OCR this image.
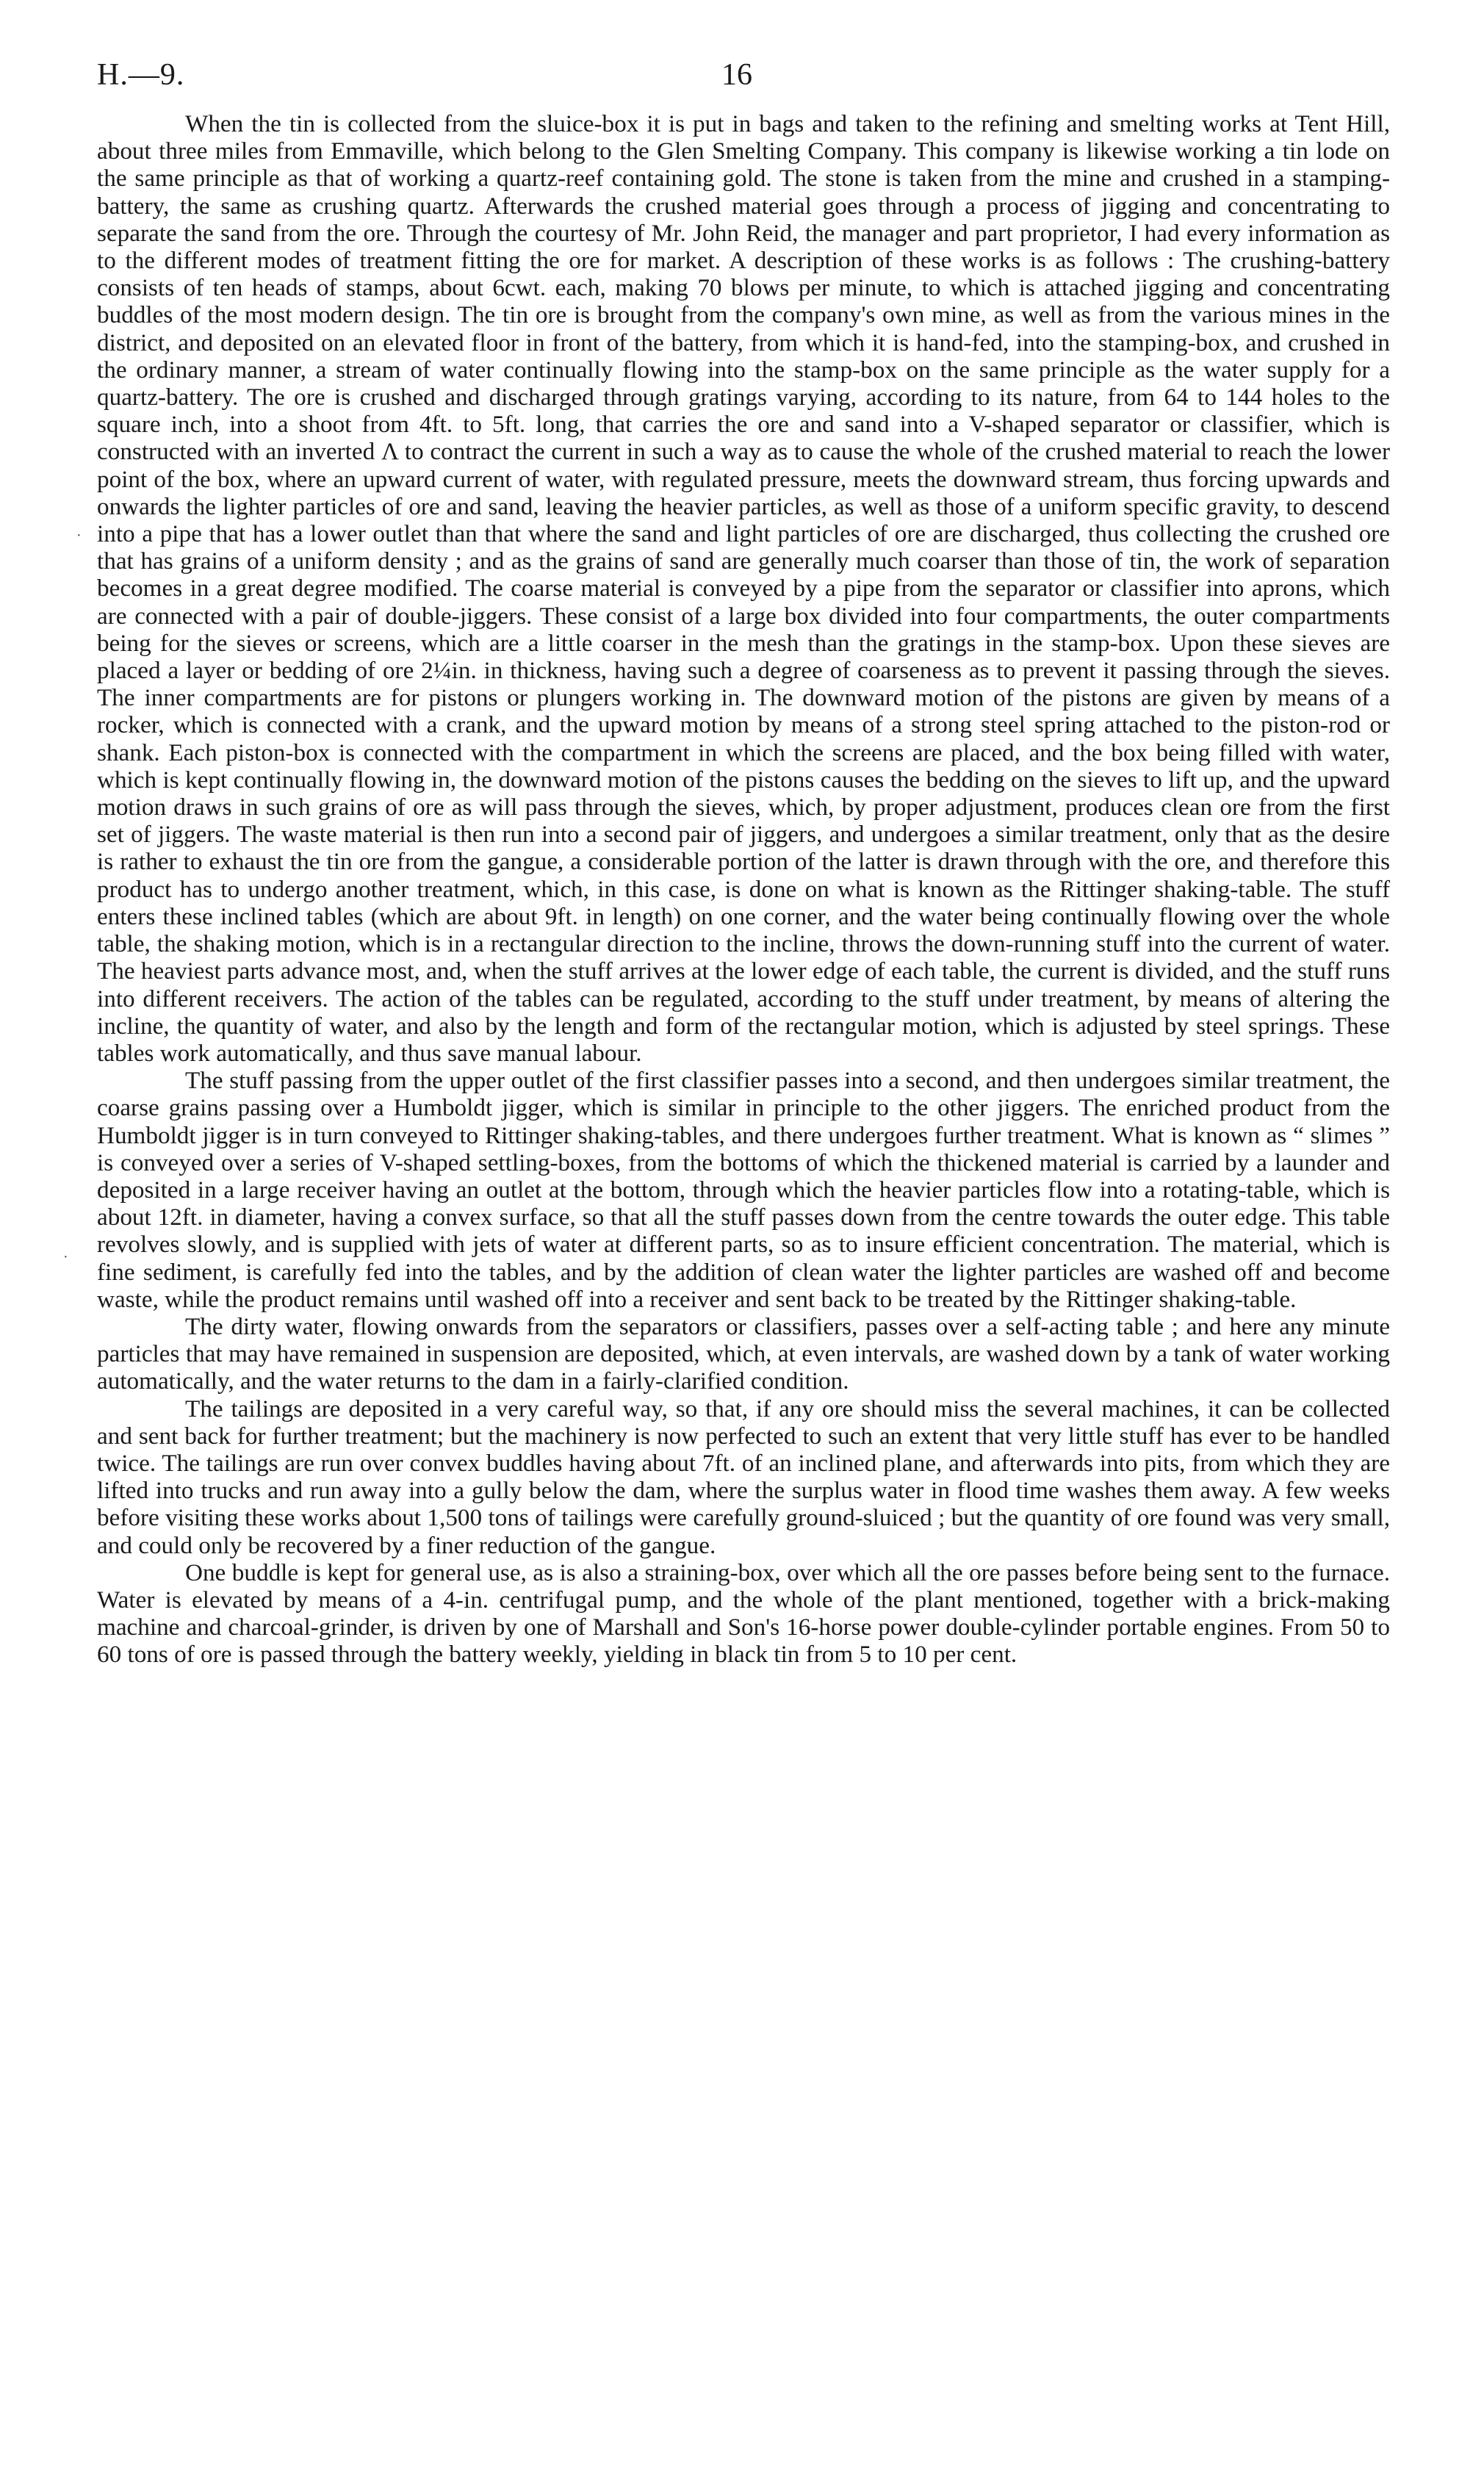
H.—9.	16

When the tin is collected from the sluice-box it is put in bags and taken to the refining and smelting works at Tent Hill, about three miles from Emmaville, which belong to the Glen Smelting Company. This company is likewise working a tin lode on the same principle as that of working a quartz-reef containing gold. The stone is taken from the mine and crushed in a stamping-battery, the same as crushing quartz. Afterwards the crushed material goes through a process of jigging and concentrating to separate the sand from the ore. Through the courtesy of Mr. John Reid, the manager and part proprietor, I had every information as to the different modes of treatment fitting the ore for market. A description of these works is as follows : The crushing-battery consists of ten heads of stamps, about 6cwt. each, making 70 blows per minute, to which is attached jigging and concentrating buddles of the most modern design. The tin ore is brought from the company's own mine, as well as from the various mines in the district, and deposited on an elevated floor in front of the battery, from which it is hand-fed, into the stamping-box, and crushed in the ordinary manner, a stream of water continually flowing into the stamp-box on the same principle as the water supply for a quartz-battery. The ore is crushed and discharged through gratings varying, according to its nature, from 64 to 144 holes to the square inch, into a shoot from 4ft. to 5ft. long, that carries the ore and sand into a V-shaped separator or classifier, which is constructed with an inverted Λ to contract the current in such a way as to cause the whole of the crushed material to reach the lower point of the box, where an upward current of water, with regulated pressure, meets the downward stream, thus forcing upwards and onwards the lighter particles of ore and sand, leaving the heavier particles, as well as those of a uniform specific gravity, to descend into a pipe that has a lower outlet than that where the sand and light particles of ore are discharged, thus collecting the crushed ore that has grains of a uniform density ; and as the grains of sand are generally much coarser than those of tin, the work of separation becomes in a great degree modified. The coarse material is conveyed by a pipe from the separator or classifier into aprons, which are connected with a pair of double-jiggers. These consist of a large box divided into four compartments, the outer compartments being for the sieves or screens, which are a little coarser in the mesh than the gratings in the stamp-box. Upon these sieves are placed a layer or bedding of ore 2¼in. in thickness, having such a degree of coarseness as to prevent it passing through the sieves. The inner compartments are for pistons or plungers working in. The downward motion of the pistons are given by means of a rocker, which is connected with a crank, and the upward motion by means of a strong steel spring attached to the piston-rod or shank. Each piston-box is connected with the compartment in which the screens are placed, and the box being filled with water, which is kept continually flowing in, the downward motion of the pistons causes the bedding on the sieves to lift up, and the upward motion draws in such grains of ore as will pass through the sieves, which, by proper adjustment, produces clean ore from the first set of jiggers. The waste material is then run into a second pair of jiggers, and undergoes a similar treatment, only that as the desire is rather to exhaust the tin ore from the gangue, a considerable portion of the latter is drawn through with the ore, and therefore this product has to undergo another treatment, which, in this case, is done on what is known as the Rittinger shaking-table. The stuff enters these inclined tables (which are about 9ft. in length) on one corner, and the water being continually flowing over the whole table, the shaking motion, which is in a rectangular direction to the incline, throws the down-running stuff into the current of water. The heaviest parts advance most, and, when the stuff arrives at the lower edge of each table, the current is divided, and the stuff runs into different receivers. The action of the tables can be regulated, according to the stuff under treatment, by means of altering the incline, the quantity of water, and also by the length and form of the rectangular motion, which is adjusted by steel springs. These tables work automatically, and thus save manual labour.

The stuff passing from the upper outlet of the first classifier passes into a second, and then undergoes similar treatment, the coarse grains passing over a Humboldt jigger, which is similar in principle to the other jiggers. The enriched product from the Humboldt jigger is in turn conveyed to Rittinger shaking-tables, and there undergoes further treatment. What is known as “ slimes ” is conveyed over a series of V-shaped settling-boxes, from the bottoms of which the thickened material is carried by a launder and deposited in a large receiver having an outlet at the bottom, through which the heavier particles flow into a rotating-table, which is about 12ft. in diameter, having a convex surface, so that all the stuff passes down from the centre towards the outer edge. This table revolves slowly, and is supplied with jets of water at different parts, so as to insure efficient concentration. The material, which is fine sediment, is carefully fed into the tables, and by the addition of clean water the lighter particles are washed off and become waste, while the product remains until washed off into a receiver and sent back to be treated by the Rittinger shaking-table.

The dirty water, flowing onwards from the separators or classifiers, passes over a self-acting table ; and here any minute particles that may have remained in suspension are deposited, which, at even intervals, are washed down by a tank of water working automatically, and the water returns to the dam in a fairly-clarified condition.

The tailings are deposited in a very careful way, so that, if any ore should miss the several machines, it can be collected and sent back for further treatment; but the machinery is now perfected to such an extent that very little stuff has ever to be handled twice. The tailings are run over convex buddles having about 7ft. of an inclined plane, and afterwards into pits, from which they are lifted into trucks and run away into a gully below the dam, where the surplus water in flood time washes them away. A few weeks before visiting these works about 1,500 tons of tailings were carefully ground-sluiced ; but the quantity of ore found was very small, and could only be recovered by a finer reduction of the gangue.

One buddle is kept for general use, as is also a straining-box, over which all the ore passes before being sent to the furnace. Water is elevated by means of a 4-in. centrifugal pump, and the whole of the plant mentioned, together with a brick-making machine and charcoal-grinder, is driven by one of Marshall and Son's 16-horse power double-cylinder portable engines. From 50 to 60 tons of ore is passed through the battery weekly, yielding in black tin from 5 to 10 per cent.

·
·
